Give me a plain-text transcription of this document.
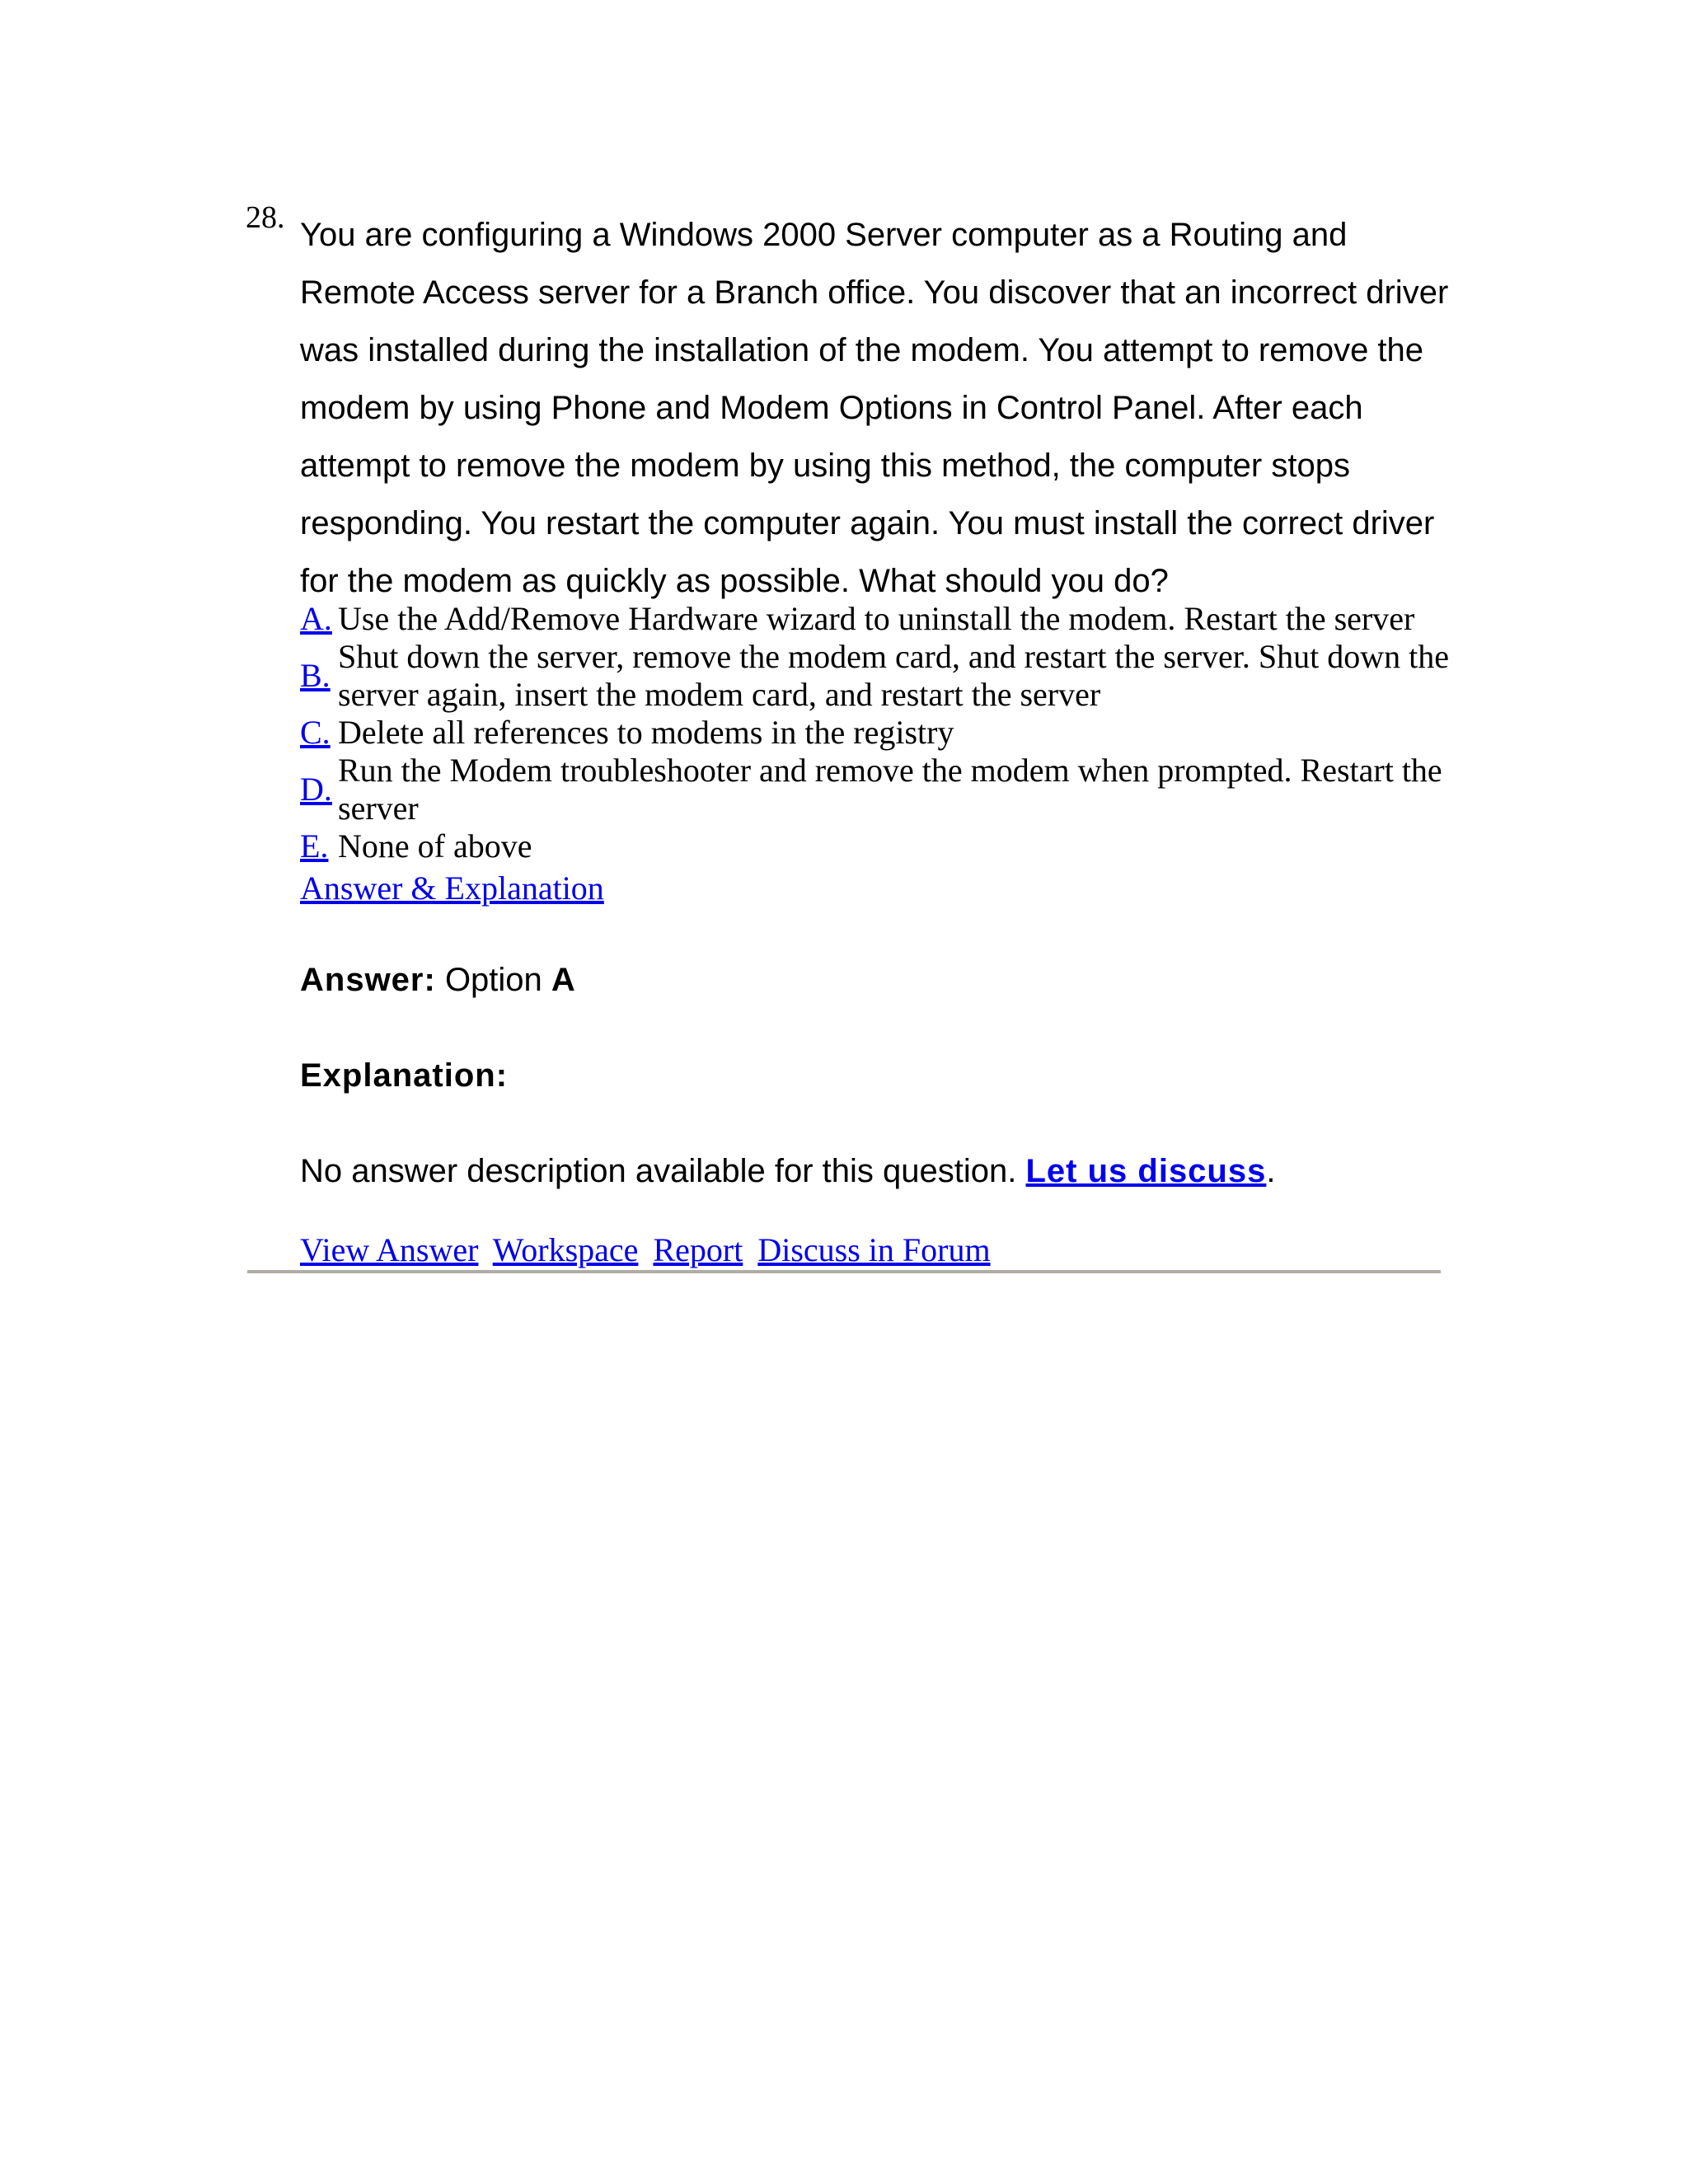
28. You are configuring a Windows 2000 Server computer as a Routing and Remote Access server for a Branch office. You discover that an incorrect driver was installed during the installation of the modem. You attempt to remove the modem by using Phone and Modem Options in Control Panel. After each attempt to remove the modem by using this method, the computer stops responding. You restart the computer again. You must install the correct driver for the modem as quickly as possible. What should you do?

A. Use the Add/Remove Hardware wizard to uninstall the modem. Restart the server
B.
Shut down the server, remove the modem card, and restart the server. Shut down the server again, insert the modem card, and restart the server
C. Delete all references to modems in the registry
D.
Run the Modem troubleshooter and remove the modem when prompted. Restart the server
E. None of above
Answer & Explanation
Answer: Option A
Explanation:
No answer description available for this question. Let us discuss.
View Answer Workspace Report Discuss in Forum
